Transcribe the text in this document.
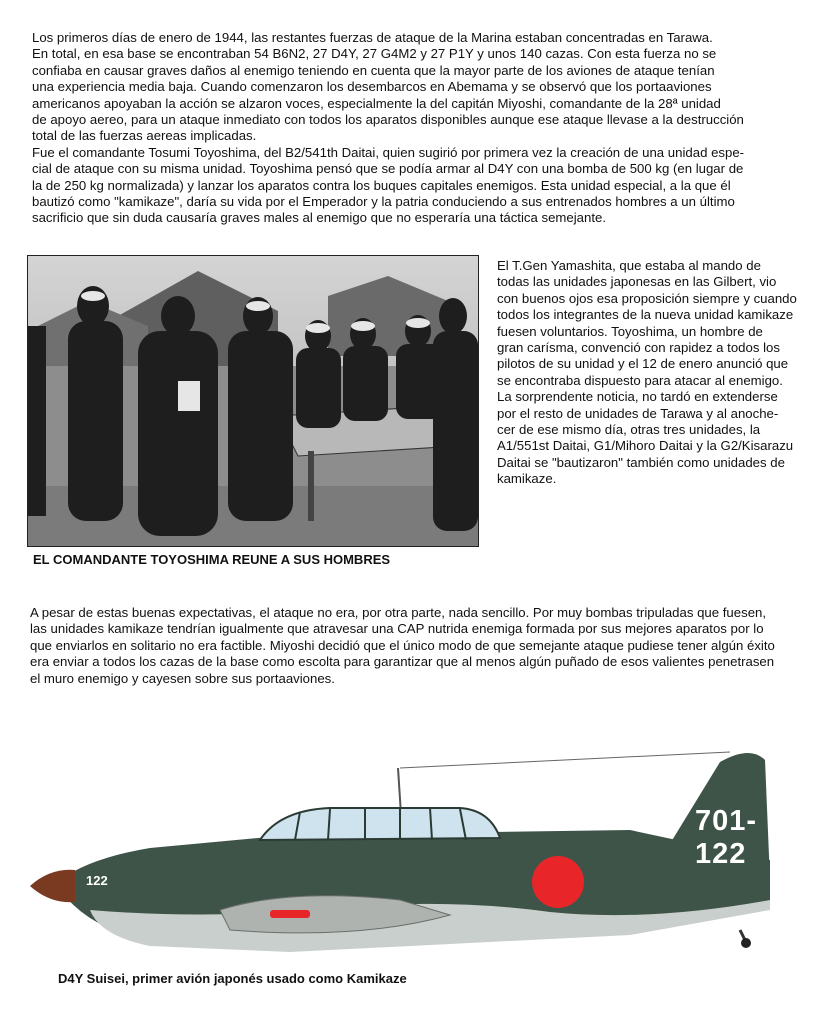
Los primeros días de enero de 1944, las restantes fuerzas de ataque de la Marina estaban concentradas en Tarawa.
En total, en esa base se encontraban 54 B6N2, 27 D4Y, 27 G4M2 y 27 P1Y y unos 140 cazas. Con esta fuerza no se
confiaba en causar graves daños al enemigo teniendo en cuenta que la mayor parte de los aviones de ataque tenían
una experiencia media baja. Cuando comenzaron los desembarcos en Abemama y se observó que los portaaviones
americanos apoyaban la acción se alzaron voces, especialmente la del capitán Miyoshi, comandante de la 28ª unidad
de apoyo aereo, para un ataque inmediato con todos los aparatos disponibles aunque ese ataque llevase a la destrucción
total de las fuerzas aereas implicadas.
Fue el comandante Tosumi Toyoshima, del B2/541th Daitai, quien sugirió por primera vez la creación de una unidad espe-
cial de ataque con su misma unidad. Toyoshima pensó que se podía armar al D4Y con una bomba de 500 kg (en lugar de
la de 250 kg normalizada) y lanzar los aparatos contra los buques capitales enemigos. Esta unidad especial, a la que él
bautizó como "kamikaze", daría su vida por el Emperador y la patria conduciendo a sus entrenados hombres a un último
sacrificio que sin duda causaría graves males al enemigo que no esperaría una táctica semejante.
El T.Gen Yamashita, que estaba al mando de
todas las unidades japonesas en las Gilbert, vio
con buenos ojos esa proposición siempre y cuando
todos los integrantes de la nueva unidad kamikaze
fuesen voluntarios. Toyoshima, un hombre de
gran carísma, convenció con rapidez a todos los
pilotos de su unidad y el 12 de enero anunció que
se encontraba dispuesto para atacar al enemigo.
La sorprendente noticia, no tardó en extenderse
por el resto de unidades de Tarawa y al anoche-
cer de ese mismo día, otras tres unidades, la
A1/551st Daitai, G1/Mihoro Daitai y la G2/Kisarazu
Daitai se "bautizaron" también como unidades de
kamikaze.
EL COMANDANTE TOYOSHIMA REUNE A SUS HOMBRES
A pesar de estas buenas expectativas, el ataque no era, por otra parte, nada sencillo. Por muy bombas tripuladas que fuesen,
las unidades kamikaze tendrían igualmente que atravesar una CAP nutrida enemiga formada por sus mejores aparatos por lo
que enviarlos en solitario no era factible. Miyoshi decidió que el único modo de que semejante ataque pudiese tener algún éxito
era enviar a todos los cazas de la base como escolta para garantizar que al menos algún puñado de esos valientes penetrasen
el muro enemigo y cayesen sobre sus portaaviones.
701-122
122
D4Y Suisei, primer avión japonés usado como Kamikaze
